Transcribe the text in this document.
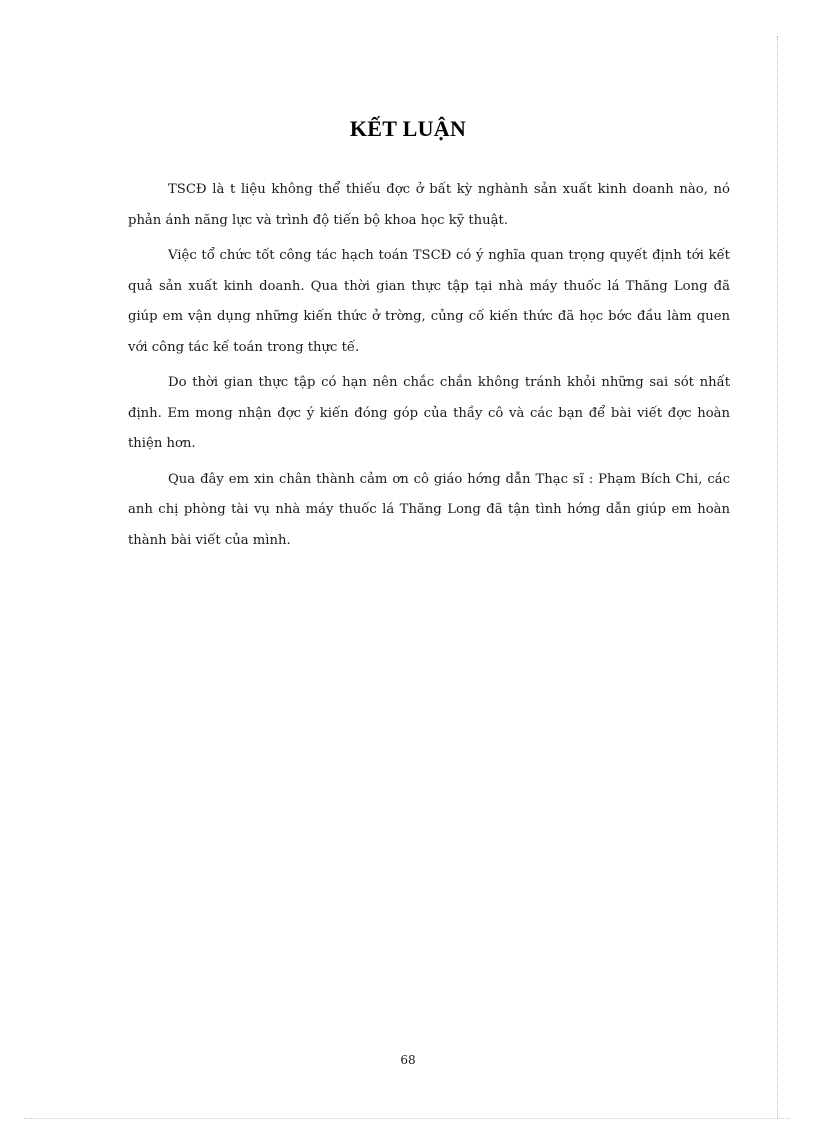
KẾT LUẬN

TSCĐ là t liệu không thể thiếu đợc ở bất kỳ nghành sản xuất kinh doanh nào, nó phản ánh năng lực và trình độ tiến bộ khoa học kỹ thuật.

Việc tổ chức tốt công tác hạch toán TSCĐ có ý nghĩa quan trọng quyết định tới kết quả sản xuất kinh doanh. Qua thời gian thực tập tại nhà máy thuốc lá Thăng Long đã giúp em vận dụng những kiến thức ở trờng, củng cố kiến thức đã học bớc đầu làm quen với công tác kế toán trong thực tế.

Do thời gian thực tập có hạn nên chắc chắn không tránh khỏi những sai sót nhất định. Em mong nhận đợc ý kiến đóng góp của thầy cô và các bạn để bài viết đợc hoàn thiện hơn.

Qua đây em xin chân thành cảm ơn cô giáo hớng dẫn Thạc sĩ : Phạm Bích Chi, các anh chị phòng tài vụ nhà máy thuốc lá Thăng Long đã tận tình hớng dẫn giúp em hoàn thành bài viết của mình.

68
